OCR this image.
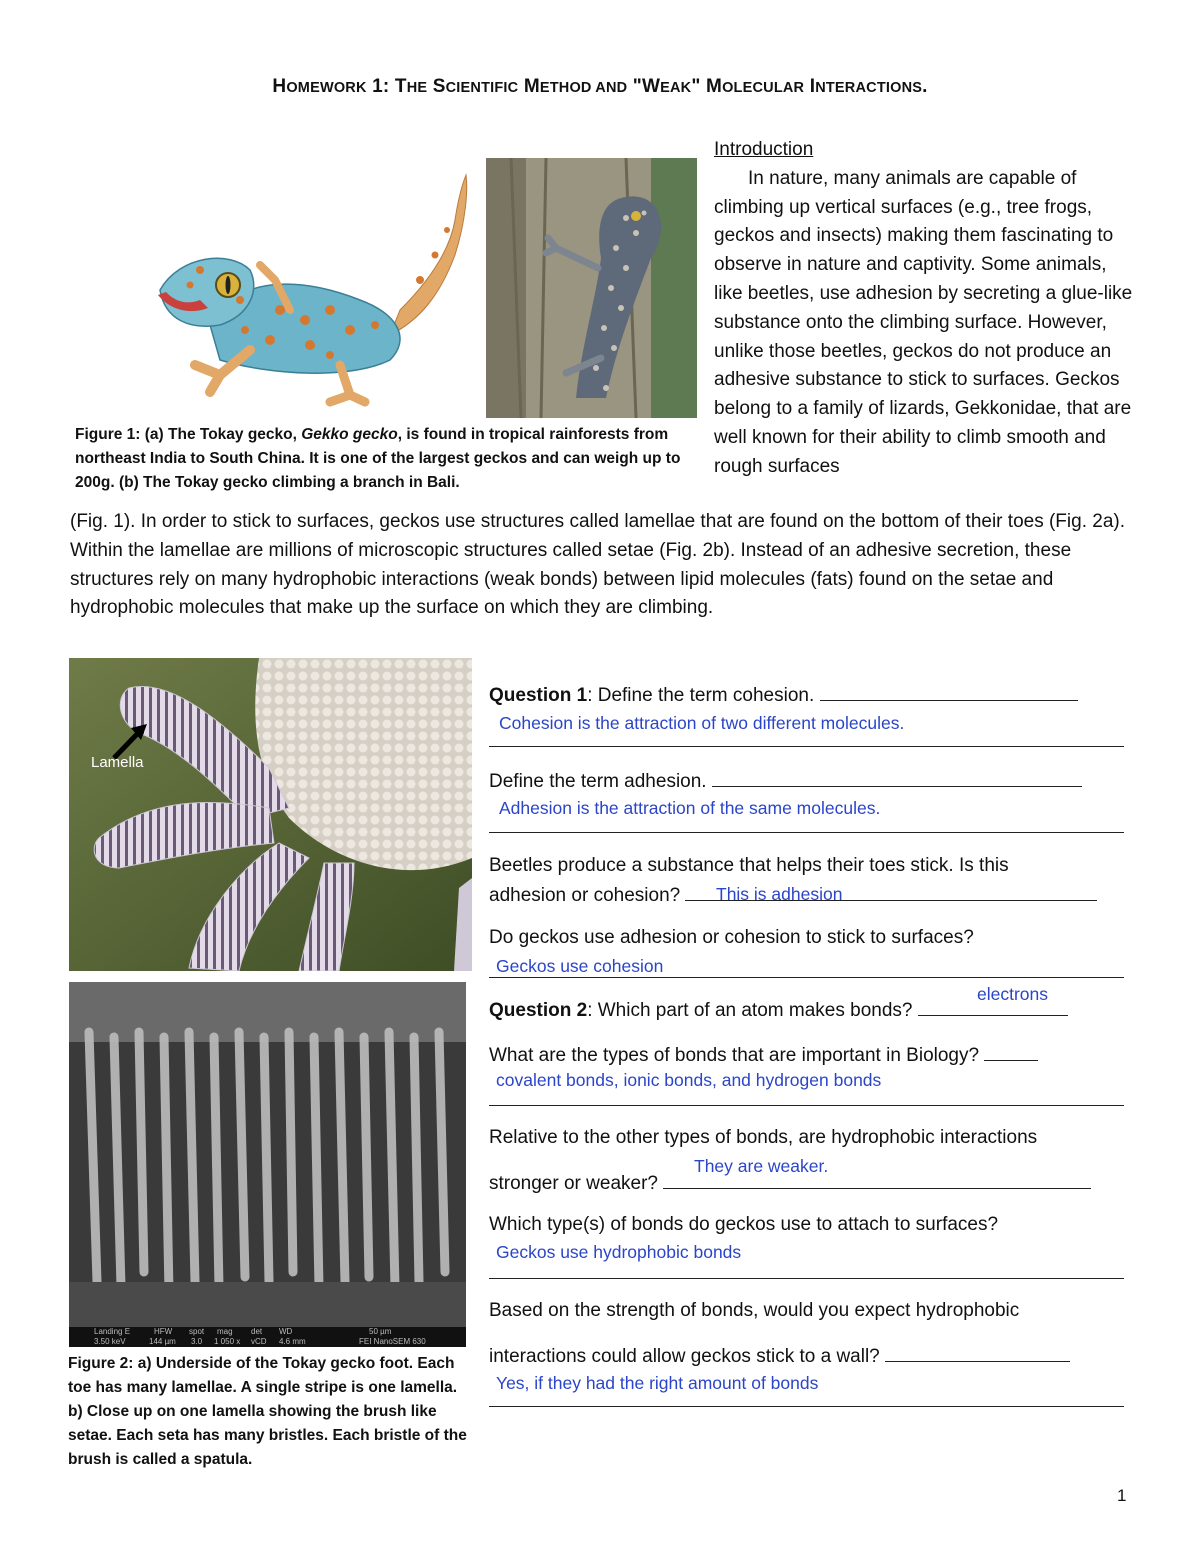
HOMEWORK 1: THE SCIENTIFIC METHOD AND "WEAK" MOLECULAR INTERACTIONS.
Figure 1: (a) The Tokay gecko, Gekko gecko, is found in tropical rainforests from northeast India to South China. It is one of the largest geckos and can weigh up to 200g. (b) The Tokay gecko climbing a branch in Bali.
Introduction
In nature, many animals are capable of climbing up vertical surfaces (e.g., tree frogs, geckos and insects) making them fascinating to observe in nature and captivity. Some animals, like beetles, use adhesion by secreting a glue-like substance onto the climbing surface. However, unlike those beetles, geckos do not produce an adhesive substance to stick to surfaces. Geckos belong to a family of lizards, Gekkonidae, that are well known for their ability to climb smooth and rough surfaces
(Fig. 1). In order to stick to surfaces, geckos use structures called lamellae that are found on the bottom of their toes (Fig. 2a). Within the lamellae are millions of microscopic structures called setae (Fig. 2b). Instead of an adhesive secretion, these structures rely on many hydrophobic interactions (weak bonds) between lipid molecules (fats) found on the setae and hydrophobic molecules that make up the surface on which they are climbing.
Lamella
Landing E	HFW spot mag det WD	50 µm
3.50 keV	144 µm 3.0 1 050 x vCD 4.6 mm	FEI NanoSEM 630
Figure 2: a) Underside of the Tokay gecko foot. Each toe has many lamellae. A single stripe is one lamella. b) Close up on one lamella showing the brush like setae. Each seta has many bristles. Each bristle of the brush is called a spatula.
Question 1: Define the term cohesion.
Cohesion is the attraction of two different molecules.
Define the term adhesion.
Adhesion is the attraction of the same molecules.
Beetles produce a substance that helps their toes stick. Is this
adhesion or cohesion?	This is adhesion
Do geckos use adhesion or cohesion to stick to surfaces?
Geckos use cohesion
Question 2: Which part of an atom makes bonds?
electrons
What are the types of bonds that are important in Biology?
covalent bonds, ionic bonds, and hydrogen bonds
Relative to the other types of bonds, are hydrophobic interactions
stronger or weaker?
They are weaker.
Which type(s) of bonds do geckos use to attach to surfaces?
Geckos use hydrophobic bonds
Based on the strength of bonds, would you expect hydrophobic
interactions could allow geckos stick to a wall?
Yes, if they had the right amount of bonds
1
